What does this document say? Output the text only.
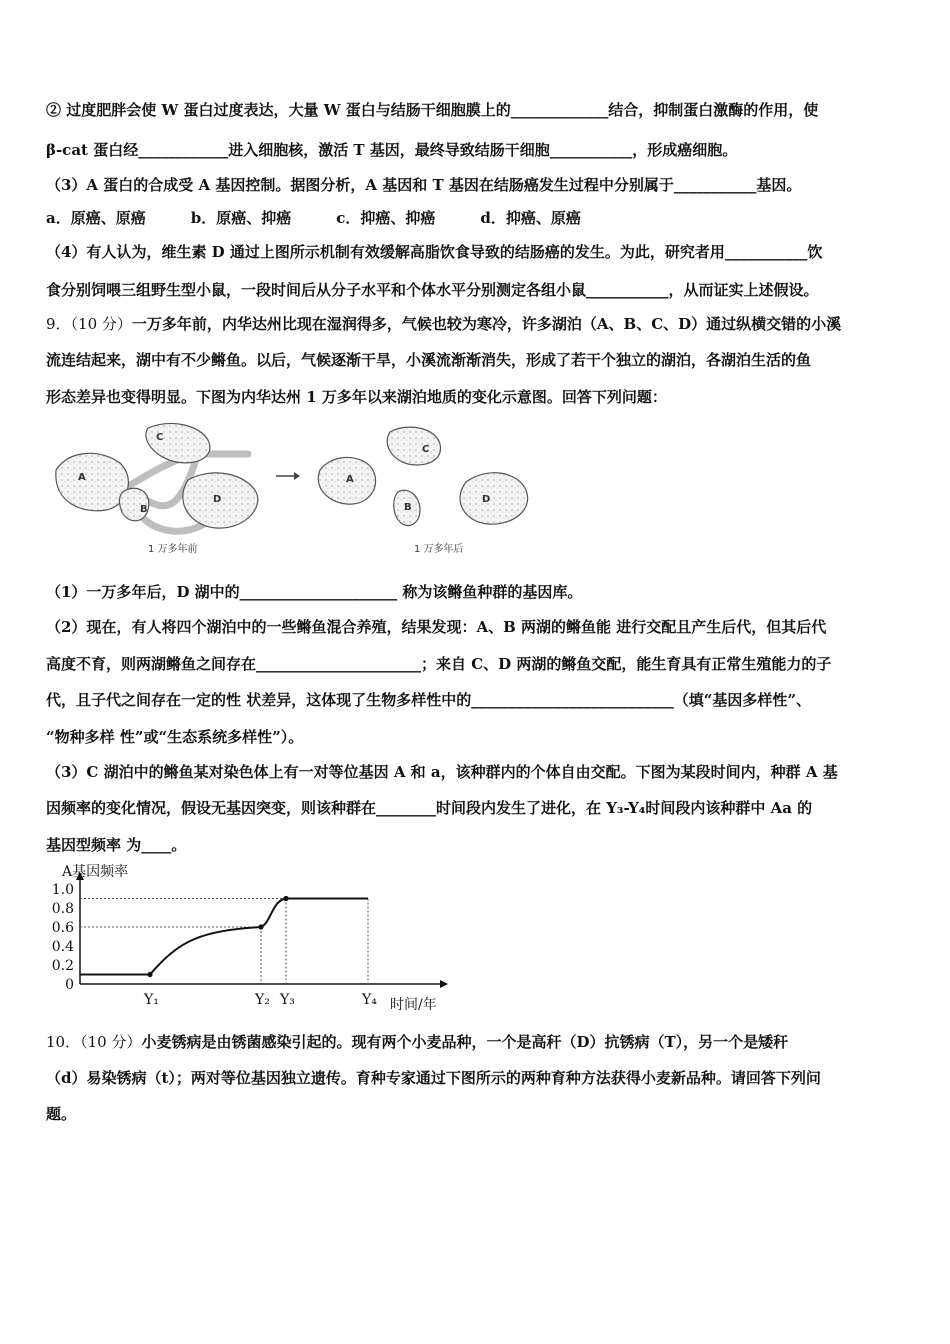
② 过度肥胖会使 W 蛋白过度表达，大量 W 蛋白与结肠干细胞膜上的_____________结合，抑制蛋白激酶的作用，使
β-cat 蛋白经____________进入细胞核，激活 T 基因，最终导致结肠干细胞___________，形成癌细胞。
（3）A 蛋白的合成受 A 基因控制。据图分析，A 基因和 T 基因在结肠癌发生过程中分别属于___________基因。
a．原癌、原癌　　　b．原癌、抑癌　　　c．抑癌、抑癌　　　d．抑癌、原癌
（4）有人认为，维生素 D 通过上图所示机制有效缓解高脂饮食导致的结肠癌的发生。为此，研究者用___________饮
食分别饲喂三组野生型小鼠，一段时间后从分子水平和个体水平分别测定各组小鼠___________，从而证实上述假设。
9．（10 分）一万多年前，内华达州比现在湿润得多，气候也较为寒冷，许多湖泊（A、B、C、D）通过纵横交错的小溪
流连结起来，湖中有不少鳉鱼。以后，气候逐渐干旱，小溪流渐渐消失，形成了若干个独立的湖泊，各湖泊生活的鱼
形态差异也变得明显。下图为内华达州 1 万多年以来湖泊地质的变化示意图。回答下列问题：
A
C
B
D
1 万多年前
A
C
B
D
1 万多年后
（1）一万多年后，D 湖中的_____________________ 称为该鳉鱼种群的基因库。
（2）现在，有人将四个湖泊中的一些鳉鱼混合养殖，结果发现：A、B 两湖的鳉鱼能 进行交配且产生后代，但其后代
高度不育，则两湖鳉鱼之间存在______________________；来自 C、D 两湖的鳉鱼交配，能生育具有正常生殖能力的子
代，且子代之间存在一定的性 状差异，这体现了生物多样性中的___________________________（填“基因多样性”、
“物种多样 性”或“生态系统多样性”）。
（3）C 湖泊中的鳉鱼某对染色体上有一对等位基因 A 和 a，该种群内的个体自由交配。下图为某段时间内，种群 A 基
因频率的变化情况，假设无基因突变，则该种群在________时间段内发生了进化，在 Y₃-Y₄时间段内该种群中 Aa 的
基因型频率 为____。
A基因频率
时间/年
1.0
0.8
0.6
0.4
0.2
0
Y₁	Y₂ Y₃	Y₄
10．（10 分）小麦锈病是由锈菌感染引起的。现有两个小麦品种，一个是高秆（D）抗锈病（T），另一个是矮秆
（d）易染锈病（t）；两对等位基因独立遗传。育种专家通过下图所示的两种育种方法获得小麦新品种。请回答下列问
题。
